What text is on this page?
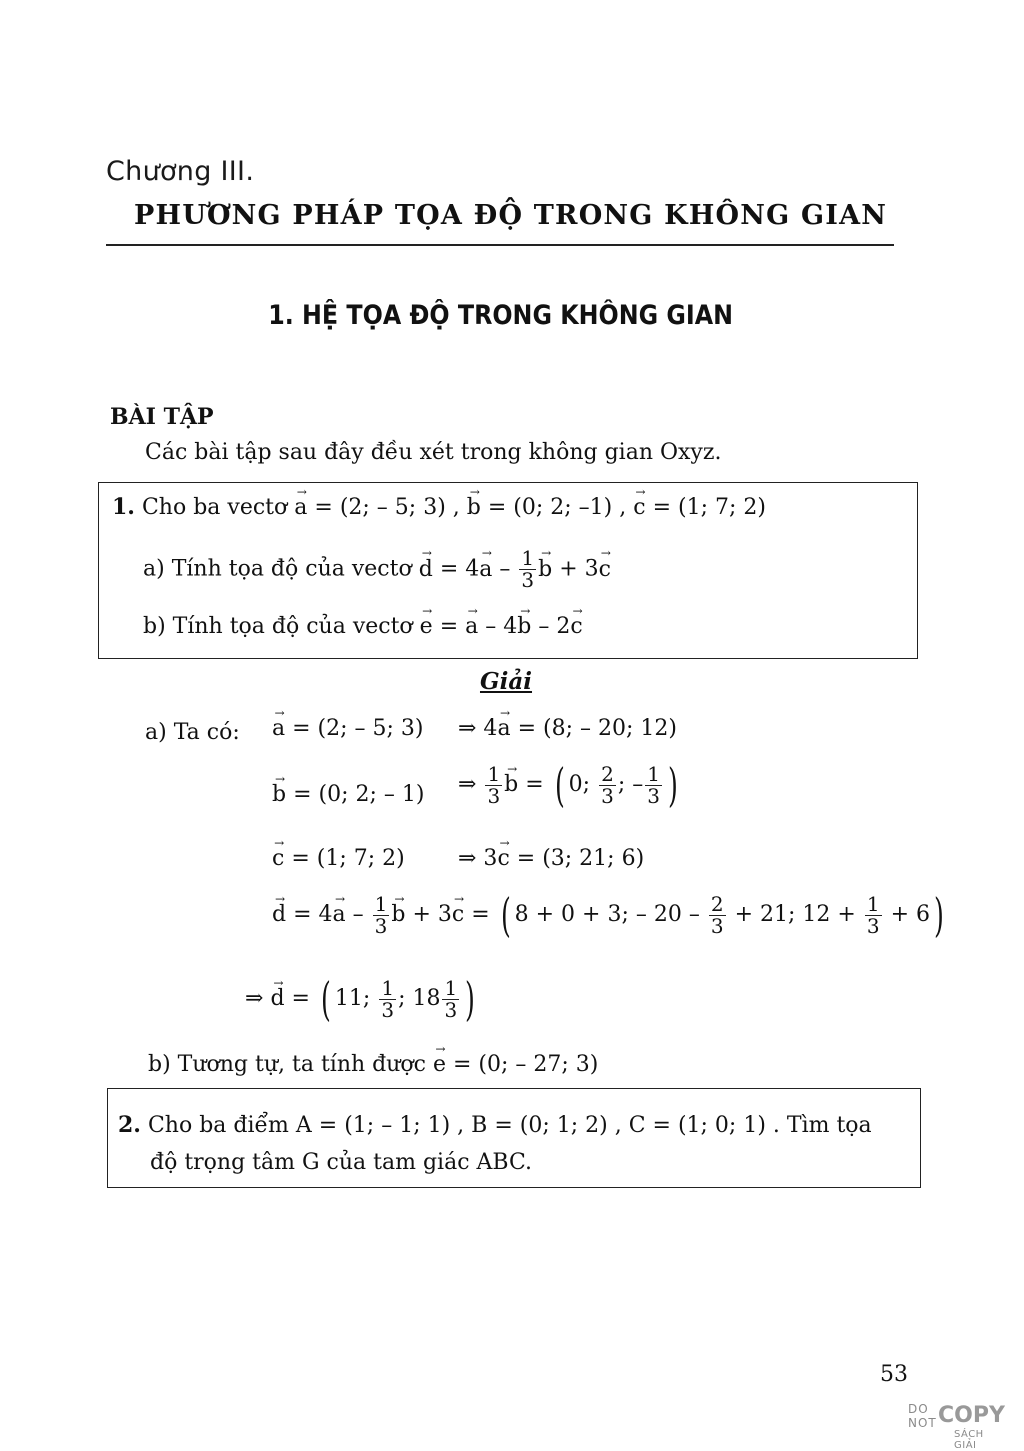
Chương III.
PHƯƠNG PHÁP TỌA ĐỘ TRONG KHÔNG GIAN
1. HỆ TỌA ĐỘ TRONG KHÔNG GIAN
BÀI TẬP
Các bài tập sau đây đều xét trong không gian Oxyz.
1. Cho ba vectơ → a = (2; – 5; 3) , → b = (0; 2; –1) , → c = (1; 7; 2)
a) Tính tọa độ của vectơ → $d = 4\to a - \frac{1}{3}$
→ b + 3→ c
b) Tính tọa độ của vectơ → e = → a – 4→ b – 2→ c
Giải
a) Ta có:
→ a = (2; – 5; 3) ⇒ 4→ a = (8; – 20; 12)
→ b = (0; 2; – 1) ⇒ $\frac{1}{3}$
→ b = ( 0; $\frac{2}{3}$ ; – $\frac{1}{3}$ )
→ c = (1; 7; 2) ⇒ 3→ c = (3; 21; 6)
→ $d = 4\to a - \frac{1}{3}$
→ b + 3→ c = ( 8 + 0 + 3; – $20 - \frac{2}{3} + 21$; $12 + \frac{1}{3} + 6$)
⇒ → d = ( 11; $\frac{1}{3}$ ; $18 \frac{1}{3}$ )
b) Tương tự, ta tính được → e = (0; – 27; 3)
2. Cho ba điểm A = (1; – 1; 1) , B = (0; 1; 2) , C = (1; 0; 1) . Tìm tọa
độ trọng tâm G của tam giác ABC.
53
DO
NOT COPY
SÁCH GIẢI
